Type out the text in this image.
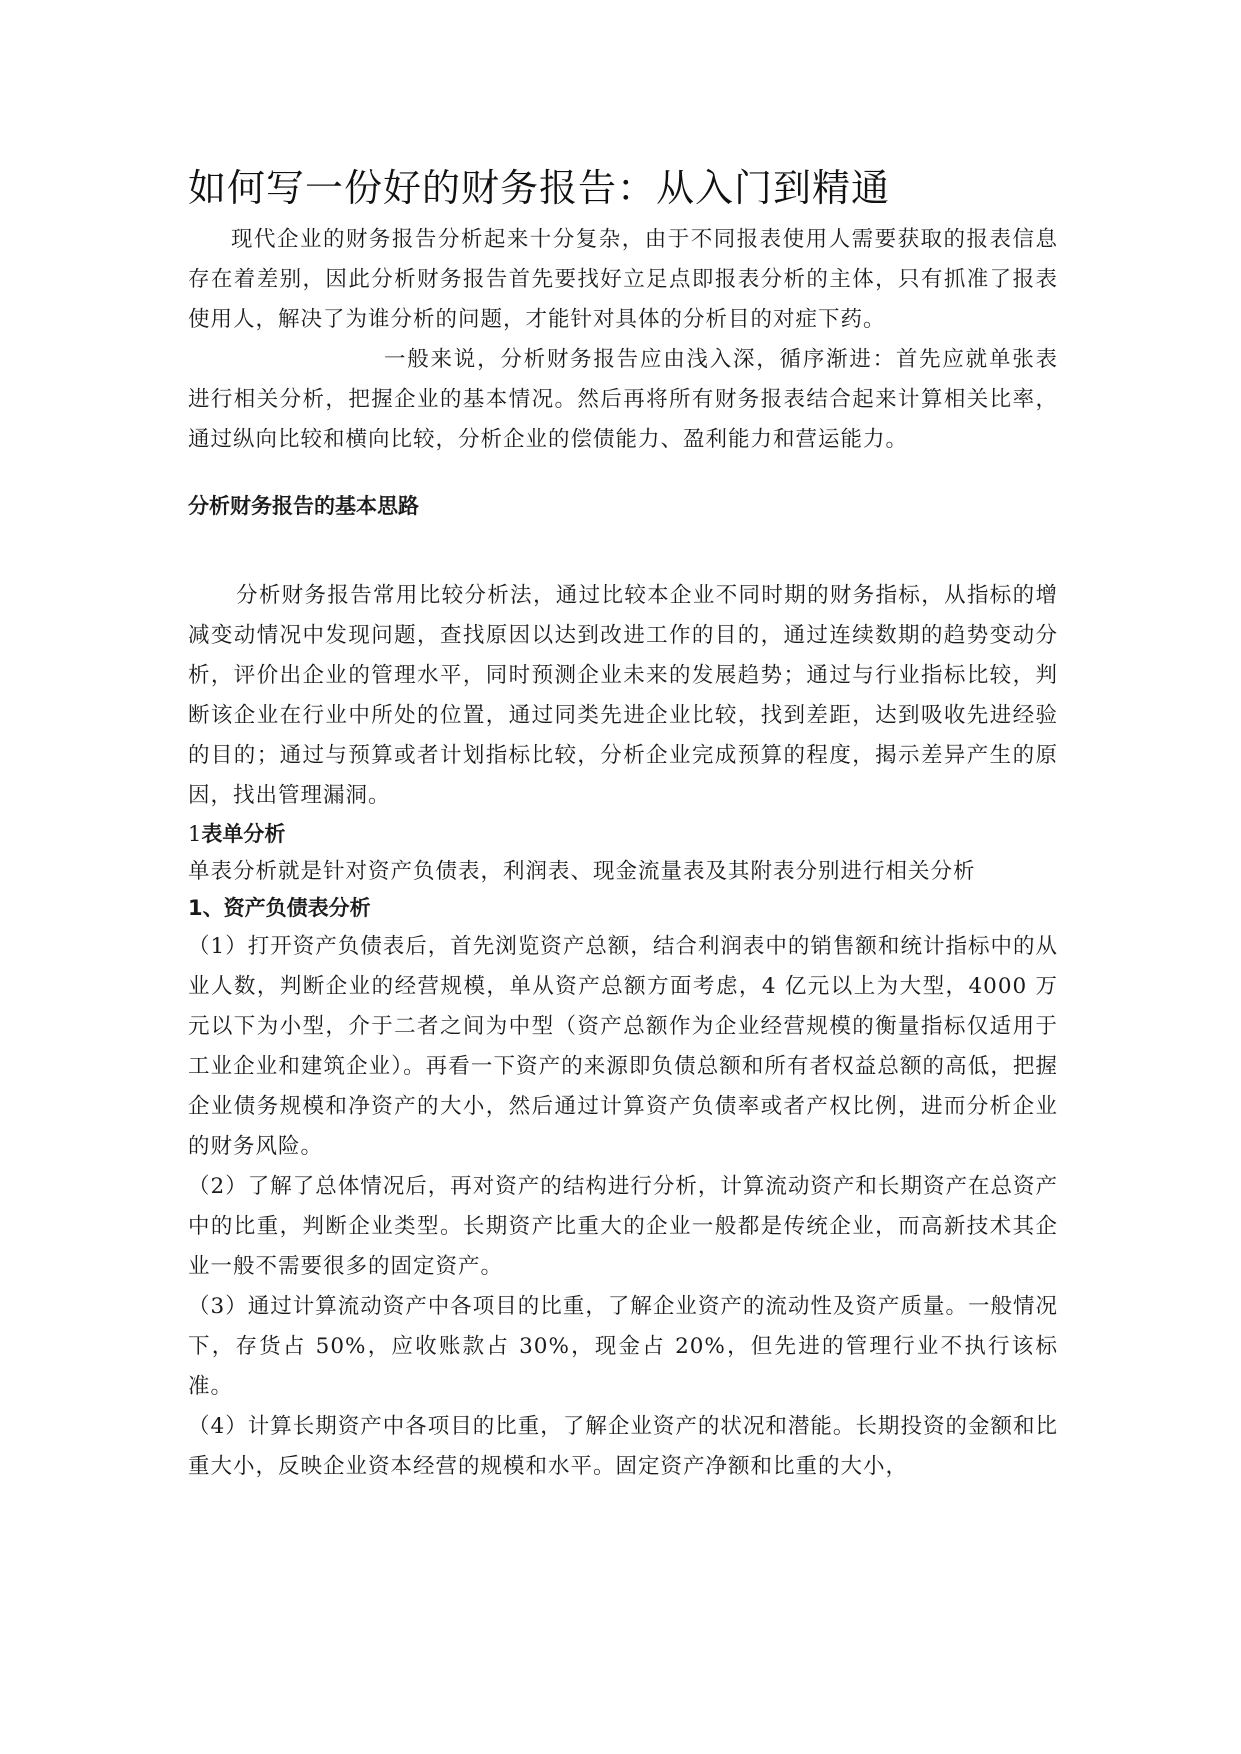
如何写一份好的财务报告：从入门到精通

现代企业的财务报告分析起来十分复杂，由于不同报表使用人需要获取的报表信息存在着差别，因此分析财务报告首先要找好立足点即报表分析的主体，只有抓准了报表使用人，解决了为谁分析的问题，才能针对具体的分析目的对症下药。

一般来说，分析财务报告应由浅入深，循序渐进：首先应就单张表进行相关分析，把握企业的基本情况。然后再将所有财务报表结合起来计算相关比率，通过纵向比较和横向比较，分析企业的偿债能力、盈利能力和营运能力。

分析财务报告的基本思路

分析财务报告常用比较分析法，通过比较本企业不同时期的财务指标，从指标的增减变动情况中发现问题，查找原因以达到改进工作的目的，通过连续数期的趋势变动分析，评价出企业的管理水平，同时预测企业未来的发展趋势；通过与行业指标比较，判断该企业在行业中所处的位置，通过同类先进企业比较，找到差距，达到吸收先进经验的目的；通过与预算或者计划指标比较，分析企业完成预算的程度，揭示差异产生的原因，找出管理漏洞。

1表单分析

单表分析就是针对资产负债表，利润表、现金流量表及其附表分别进行相关分析

1、资产负债表分析

（1）打开资产负债表后，首先浏览资产总额，结合利润表中的销售额和统计指标中的从业人数，判断企业的经营规模，单从资产总额方面考虑，4 亿元以上为大型，4000 万元以下为小型，介于二者之间为中型（资产总额作为企业经营规模的衡量指标仅适用于工业企业和建筑企业）。再看一下资产的来源即负债总额和所有者权益总额的高低，把握企业债务规模和净资产的大小，然后通过计算资产负债率或者产权比例，进而分析企业的财务风险。

（2）了解了总体情况后，再对资产的结构进行分析，计算流动资产和长期资产在总资产中的比重，判断企业类型。长期资产比重大的企业一般都是传统企业，而高新技术其企业一般不需要很多的固定资产。

（3）通过计算流动资产中各项目的比重，了解企业资产的流动性及资产质量。一般情况下，存货占 50%，应收账款占 30%，现金占 20%，但先进的管理行业不执行该标准。

（4）计算长期资产中各项目的比重，了解企业资产的状况和潜能。长期投资的金额和比重大小，反映企业资本经营的规模和水平。固定资产净额和比重的大小，
